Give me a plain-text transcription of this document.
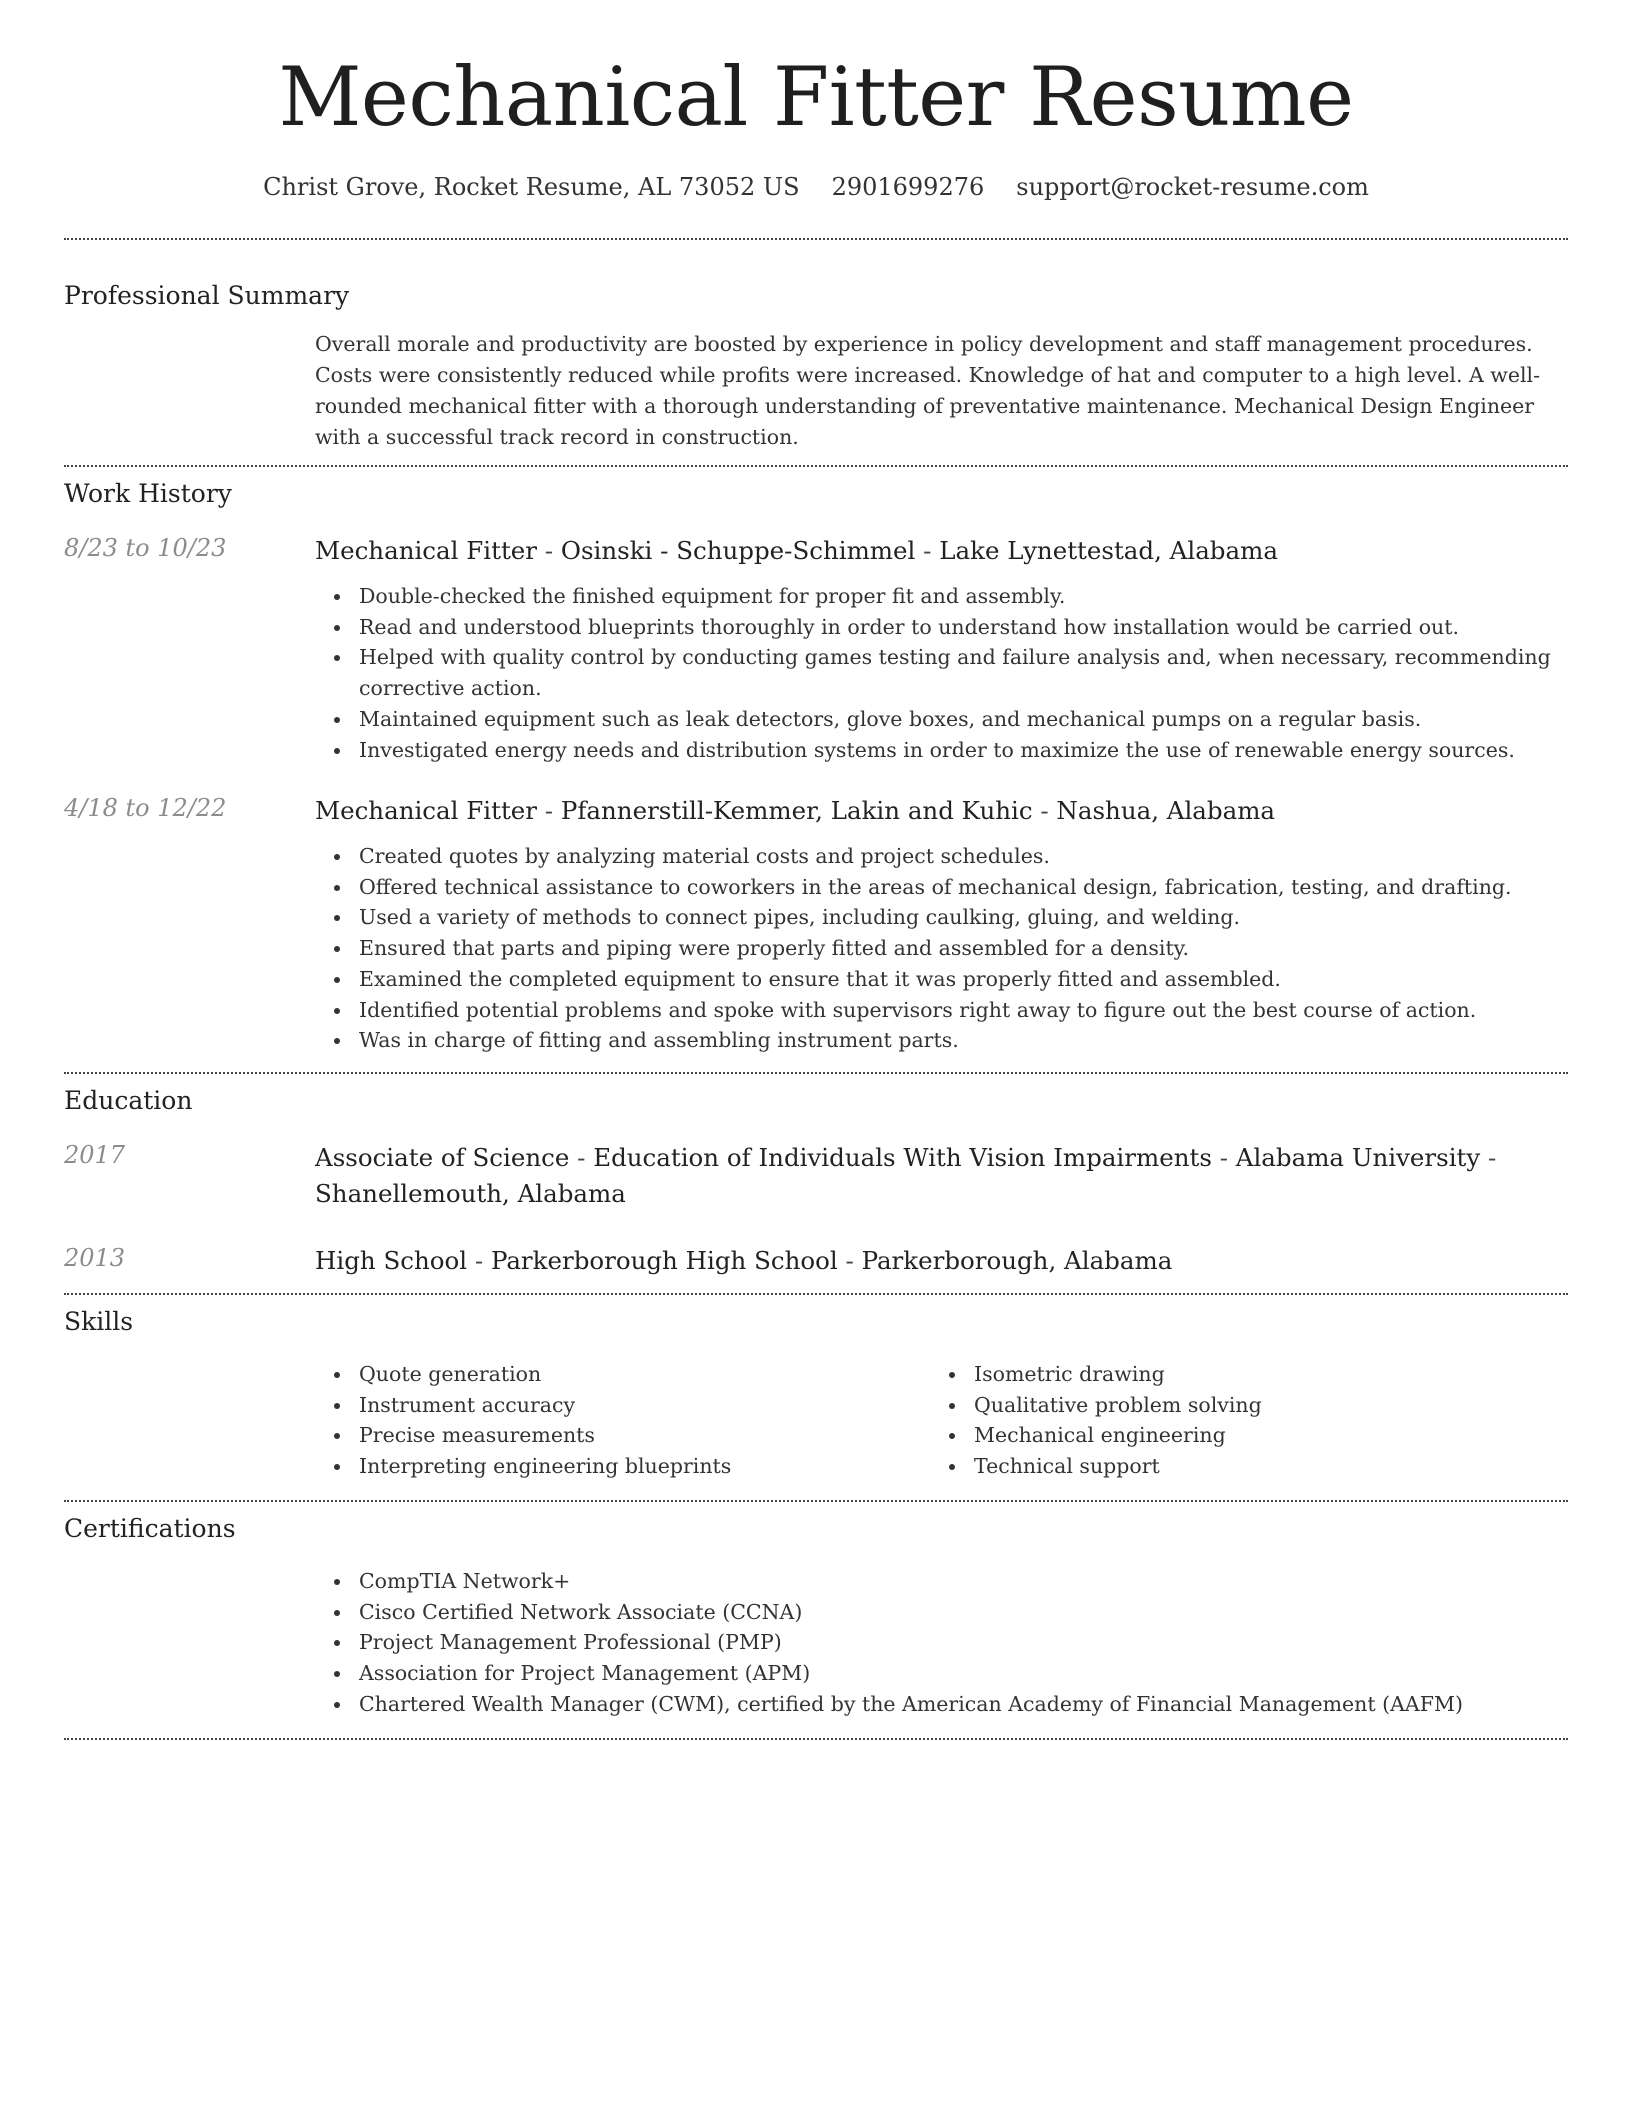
Mechanical Fitter Resume
Christ Grove, Rocket Resume, AL 73052 US 2901699276 support@rocket-resume.com
Professional Summary
Overall morale and productivity are boosted by experience in policy development and staff management procedures. Costs were consistently reduced while profits were increased. Knowledge of hat and computer to a high level. A well-rounded mechanical fitter with a thorough understanding of preventative maintenance. Mechanical Design Engineer with a successful track record in construction.
Work History
8/23 to 10/23	Mechanical Fitter - Osinski - Schuppe-Schimmel - Lake Lynettestad, Alabama
Double-checked the finished equipment for proper fit and assembly.
Read and understood blueprints thoroughly in order to understand how installation would be carried out.
Helped with quality control by conducting games testing and failure analysis and, when necessary, recommending corrective action.
Maintained equipment such as leak detectors, glove boxes, and mechanical pumps on a regular basis.
Investigated energy needs and distribution systems in order to maximize the use of renewable energy sources.
4/18 to 12/22	Mechanical Fitter - Pfannerstill-Kemmer, Lakin and Kuhic - Nashua, Alabama
Created quotes by analyzing material costs and project schedules.
Offered technical assistance to coworkers in the areas of mechanical design, fabrication, testing, and drafting.
Used a variety of methods to connect pipes, including caulking, gluing, and welding.
Ensured that parts and piping were properly fitted and assembled for a density.
Examined the completed equipment to ensure that it was properly fitted and assembled.
Identified potential problems and spoke with supervisors right away to figure out the best course of action.
Was in charge of fitting and assembling instrument parts.
Education
2017	Associate of Science - Education of Individuals With Vision Impairments - Alabama University - Shanellemouth, Alabama
2013	High School - Parkerborough High School - Parkerborough, Alabama
Skills
Quote generation
Instrument accuracy
Precise measurements
Interpreting engineering blueprints
Isometric drawing
Qualitative problem solving
Mechanical engineering
Technical support
Certifications
CompTIA Network+
Cisco Certified Network Associate (CCNA)
Project Management Professional (PMP)
Association for Project Management (APM)
Chartered Wealth Manager (CWM), certified by the American Academy of Financial Management (AAFM)
